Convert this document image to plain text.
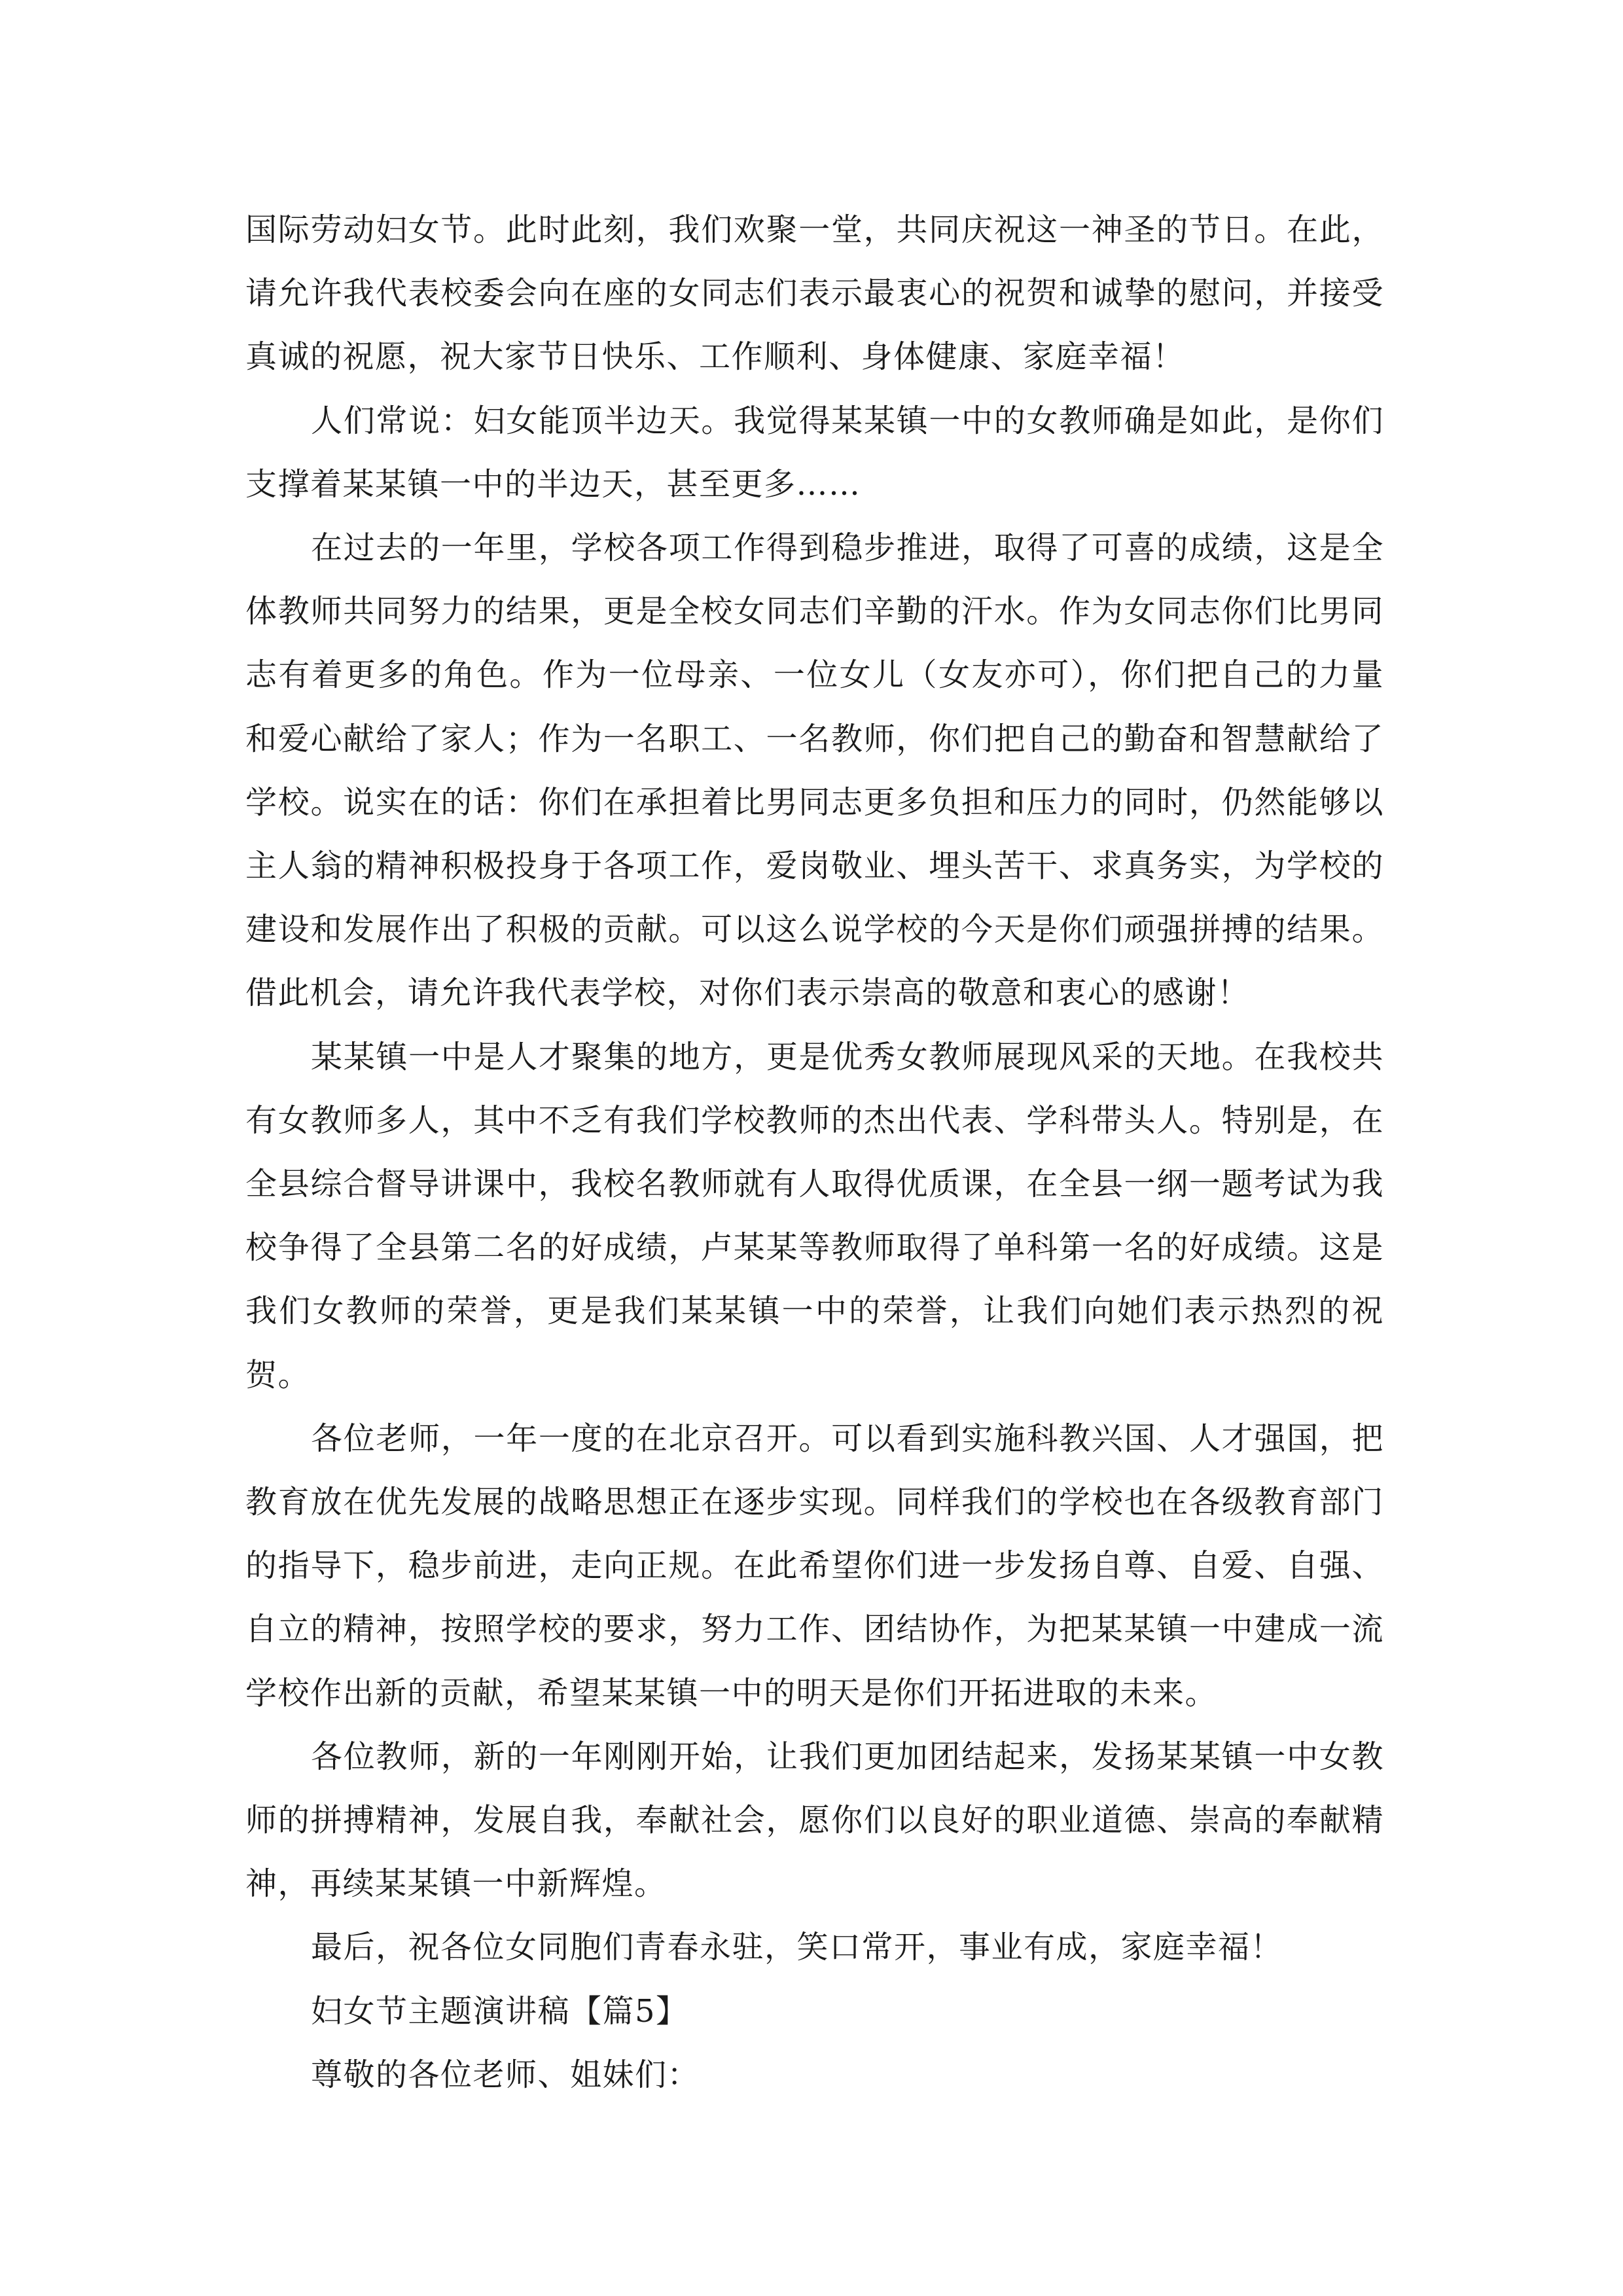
国际劳动妇女节。此时此刻，我们欢聚一堂，共同庆祝这一神圣的节日。在此，请允许我代表校委会向在座的女同志们表示最衷心的祝贺和诚挚的慰问，并接受真诚的祝愿，祝大家节日快乐、工作顺利、身体健康、家庭幸福！

人们常说：妇女能顶半边天。我觉得某某镇一中的女教师确是如此，是你们支撑着某某镇一中的半边天，甚至更多……

在过去的一年里，学校各项工作得到稳步推进，取得了可喜的成绩，这是全体教师共同努力的结果，更是全校女同志们辛勤的汗水。作为女同志你们比男同志有着更多的角色。作为一位母亲、一位女儿（女友亦可），你们把自己的力量和爱心献给了家人；作为一名职工、一名教师，你们把自己的勤奋和智慧献给了学校。说实在的话：你们在承担着比男同志更多负担和压力的同时，仍然能够以主人翁的精神积极投身于各项工作，爱岗敬业、埋头苦干、求真务实，为学校的建设和发展作出了积极的贡献。可以这么说学校的今天是你们顽强拼搏的结果。借此机会，请允许我代表学校，对你们表示崇高的敬意和衷心的感谢！

某某镇一中是人才聚集的地方，更是优秀女教师展现风采的天地。在我校共有女教师多人，其中不乏有我们学校教师的杰出代表、学科带头人。特别是，在全县综合督导讲课中，我校名教师就有人取得优质课，在全县一纲一题考试为我校争得了全县第二名的好成绩，卢某某等教师取得了单科第一名的好成绩。这是我们女教师的荣誉，更是我们某某镇一中的荣誉，让我们向她们表示热烈的祝贺。

各位老师，一年一度的在北京召开。可以看到实施科教兴国、人才强国，把教育放在优先发展的战略思想正在逐步实现。同样我们的学校也在各级教育部门的指导下，稳步前进，走向正规。在此希望你们进一步发扬自尊、自爱、自强、自立的精神，按照学校的要求，努力工作、团结协作，为把某某镇一中建成一流学校作出新的贡献，希望某某镇一中的明天是你们开拓进取的未来。

各位教师，新的一年刚刚开始，让我们更加团结起来，发扬某某镇一中女教师的拼搏精神，发展自我，奉献社会，愿你们以良好的职业道德、崇高的奉献精神，再续某某镇一中新辉煌。

最后，祝各位女同胞们青春永驻，笑口常开，事业有成，家庭幸福！

妇女节主题演讲稿【篇5】

尊敬的各位老师、姐妹们：
